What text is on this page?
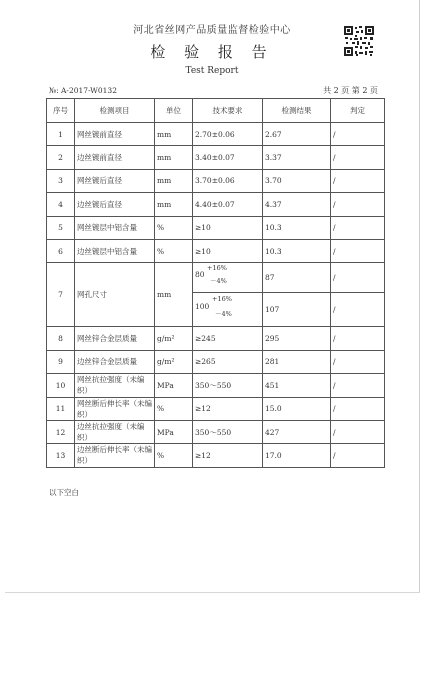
河北省丝网产品质量监督检验中心
检 验 报 告
Test Report
№: A-2017-W0132	共 2 页 第 2 页
序号	检测项目	单位	技术要求	检测结果	判定
1	网丝镀前直径	mm	2.70±0.06	2.67	/
2	边丝镀前直径	mm	3.40±0.07	3.37	/
3	网丝镀后直径	mm	3.70±0.06	3.70	/
4	边丝镀后直径	mm	4.40±0.07	4.37	/
5	网丝镀层中铝含量	%	≥10	10.3	/
6	边丝镀层中铝含量	%	≥10	10.3	/
7	网孔尺寸	mm	80
+16%
－4%	87	/

			100
+16%
－4%	107	/
8	网丝锌合金层质量	g/m²	≥245	295	/
9	边丝锌合金层质量	g/m²	≥265	281	/
10	网丝抗拉强度（未编织）	MPa	350～550	451	/
11	网丝断后伸长率（未编织）	%	≥12	15.0	/
12	边丝抗拉强度（未编织）	MPa	350～550	427	/
13	边丝断后伸长率（未编织）	%	≥12	17.0	/
以下空白
